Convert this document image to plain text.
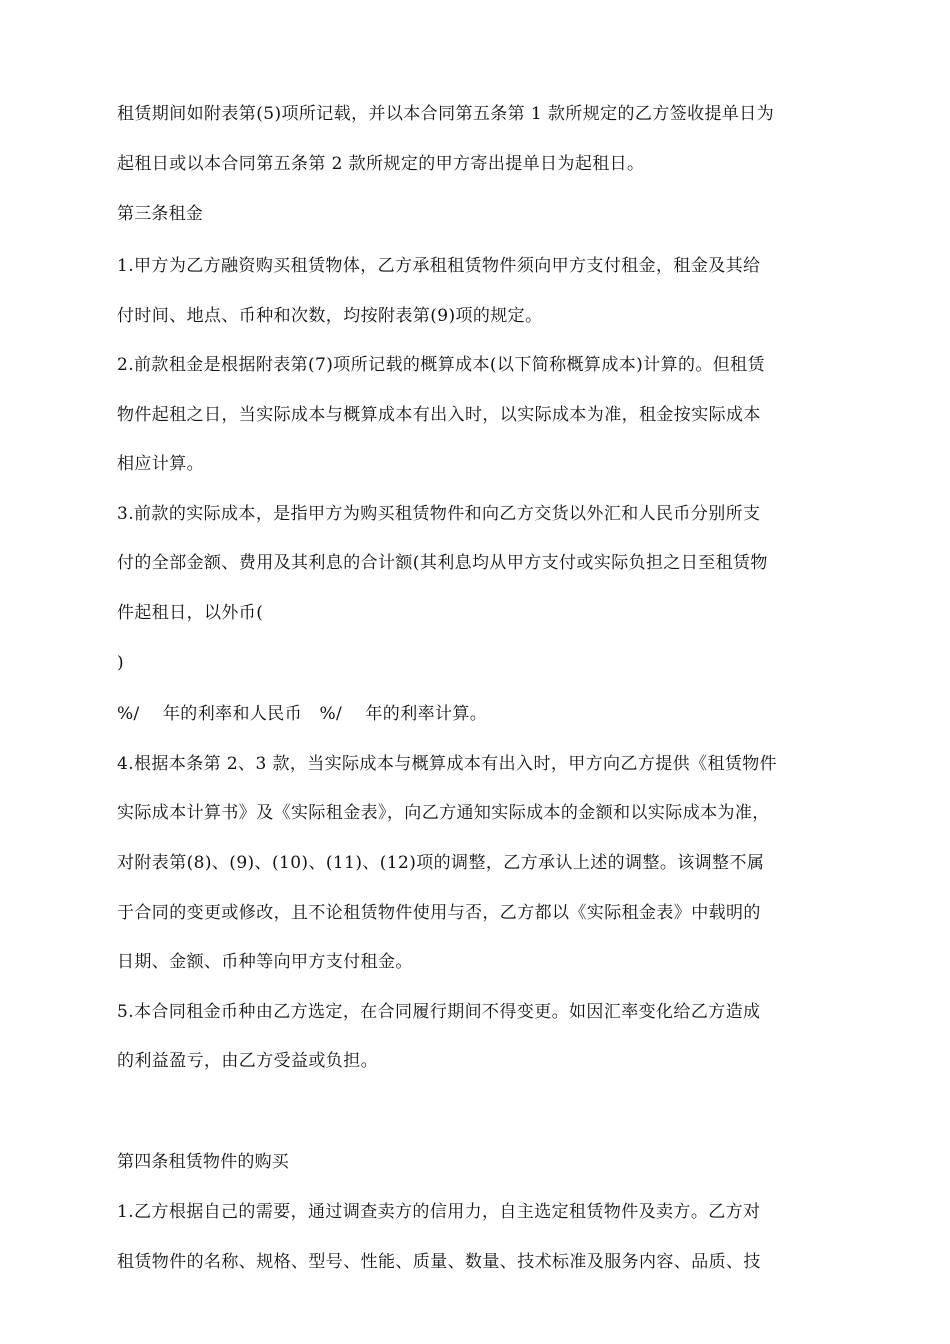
租赁期间如附表第(5)项所记载，并以本合同第五条第 1 款所规定的乙方签收提单日为
起租日或以本合同第五条第 2 款所规定的甲方寄出提单日为起租日。
第三条租金
1.甲方为乙方融资购买租赁物体，乙方承租租赁物件须向甲方支付租金，租金及其给
付时间、地点、币种和次数，均按附表第(9)项的规定。
2.前款租金是根据附表第(7)项所记载的概算成本(以下简称概算成本)计算的。但租赁
物件起租之日，当实际成本与概算成本有出入时，以实际成本为准，租金按实际成本
相应计算。
3.前款的实际成本，是指甲方为购买租赁物件和向乙方交货以外汇和人民币分别所支
付的全部金额、费用及其利息的合计额(其利息均从甲方支付或实际负担之日至租赁物
件起租日，以外币(
)
%/    年的利率和人民币   %/    年的利率计算。
4.根据本条第 2、3 款，当实际成本与概算成本有出入时，甲方向乙方提供《租赁物件
实际成本计算书》及《实际租金表》，向乙方通知实际成本的金额和以实际成本为准，
对附表第(8)、(9)、(10)、(11)、(12)项的调整，乙方承认上述的调整。该调整不属
于合同的变更或修改，且不论租赁物件使用与否，乙方都以《实际租金表》中载明的
日期、金额、币种等向甲方支付租金。
5.本合同租金币种由乙方选定，在合同履行期间不得变更。如因汇率变化给乙方造成
的利益盈亏，由乙方受益或负担。
第四条租赁物件的购买
1.乙方根据自己的需要，通过调查卖方的信用力，自主选定租赁物件及卖方。乙方对
租赁物件的名称、规格、型号、性能、质量、数量、技术标准及服务内容、品质、技
